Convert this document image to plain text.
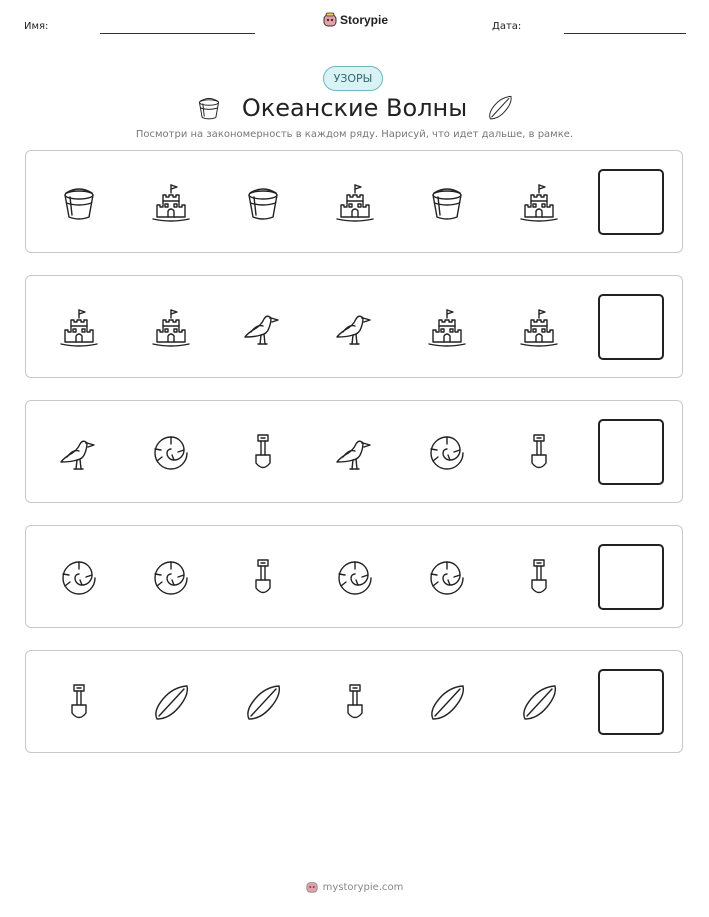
Имя:	Storypie	Дата:
УЗОРЫ
Океанские Волны
Посмотри на закономерность в каждом ряду. Нарисуй, что идет дальше, в рамке.
mystorypie.com
